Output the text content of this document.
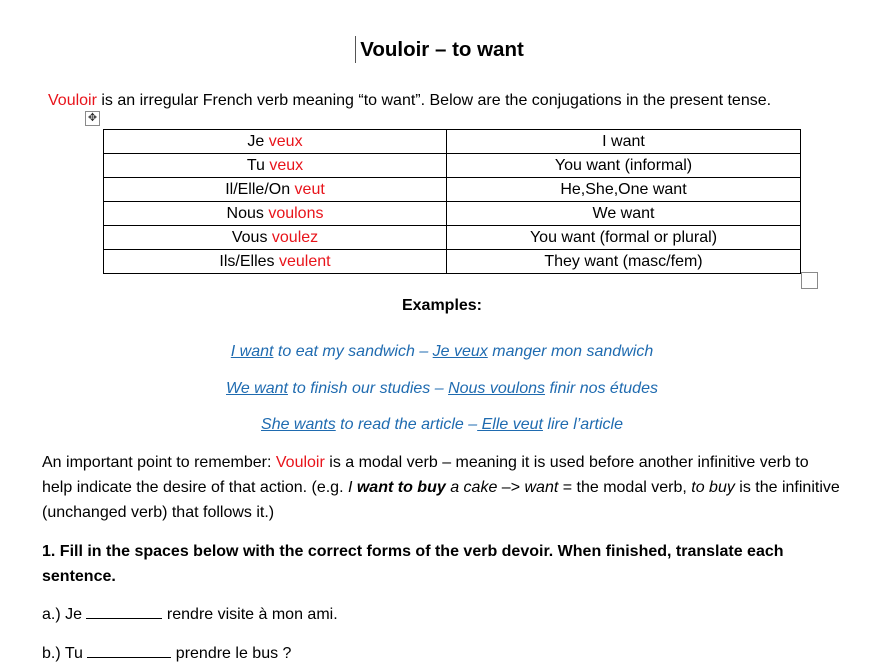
Vouloir – to want
Vouloir is an irregular French verb meaning “to want”. Below are the conjugations in the present tense.
✥
Je veux	I want
Tu veux	You want (informal)
Il/Elle/On veut	He,She,One want
Nous voulons	We want
Vous voulez	You want (formal or plural)
Ils/Elles veulent	They want (masc/fem)
Examples:
I want to eat my sandwich – Je veux manger mon sandwich
We want to finish our studies – Nous voulons finir nos études
She wants to read the article – Elle veut lire l’article
An important point to remember: Vouloir is a modal verb – meaning it is used before another infinitive verb to help indicate the desire of that action. (e.g. I want to buy a cake –> want = the modal verb, to buy is the infinitive (unchanged verb) that follows it.)
1. Fill in the spaces below with the correct forms of the verb devoir. When finished, translate each sentence.
a.) Je	rendre visite à mon ami.
b.) Tu	prendre le bus ?
